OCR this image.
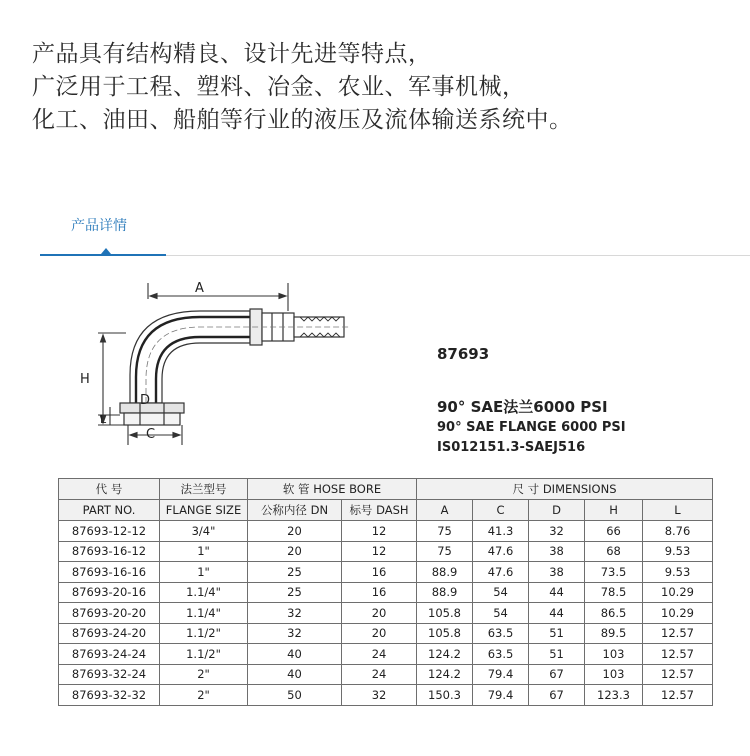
产品具有结构精良、设计先进等特点，
广泛用于工程、塑料、冶金、农业、军事机械，
化工、油田、船舶等行业的液压及流体输送系统中。
产品详情
A
H
L
D
C
87693
90° SAE法兰6000 PSI
90° SAE FLANGE 6000 PSI
IS012151.3-SAEJ516
代 号	法兰型号	软 管 HOSE BORE		尺 寸 DIMENSIONS				
PART NO.	FLANGE SIZE	公称内径 DN	标号 DASH	A	C	D	H	L
87693-12-12	3/4"	20	12	75	41.3	32	66	8.76
87693-16-12	1"	20	12	75	47.6	38	68	9.53
87693-16-16	1"	25	16	88.9	47.6	38	73.5	9.53
87693-20-16	1.1/4"	25	16	88.9	54	44	78.5	10.29
87693-20-20	1.1/4"	32	20	105.8	54	44	86.5	10.29
87693-24-20	1.1/2"	32	20	105.8	63.5	51	89.5	12.57
87693-24-24	1.1/2"	40	24	124.2	63.5	51	103	12.57
87693-32-24	2"	40	24	124.2	79.4	67	103	12.57
87693-32-32	2"	50	32	150.3	79.4	67	123.3	12.57
